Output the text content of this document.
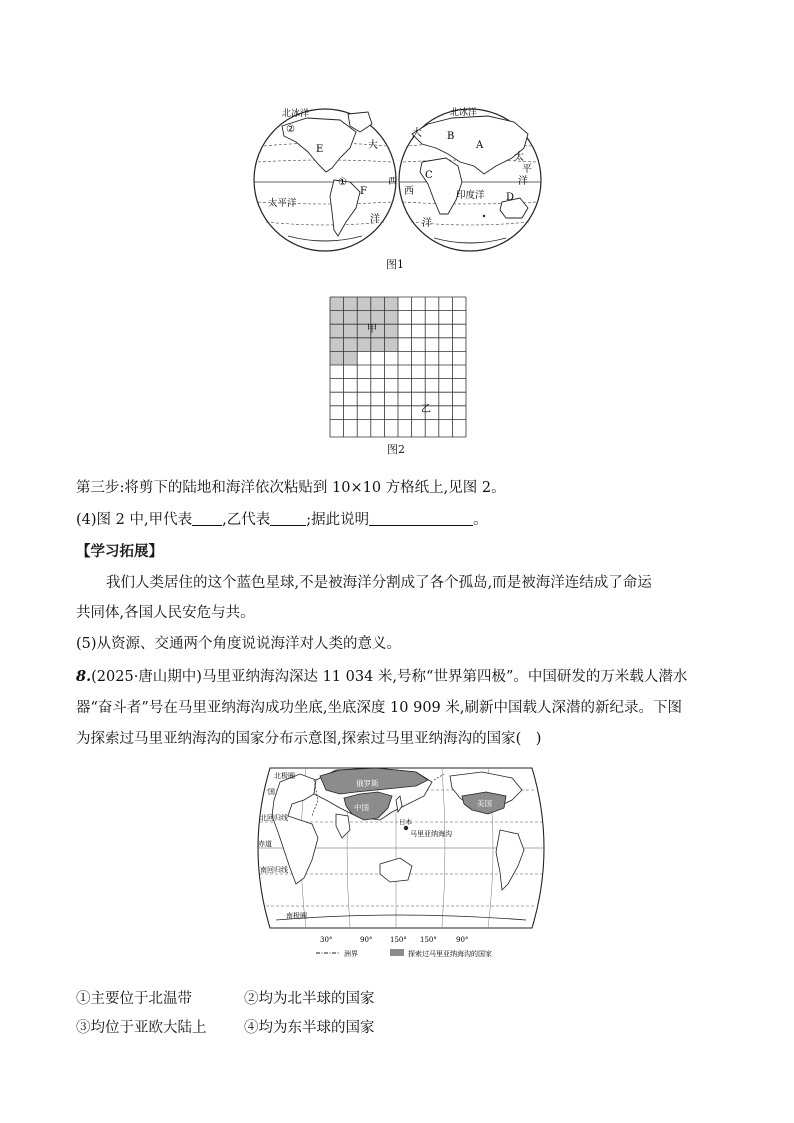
北冰洋	北冰洋
②
①
E
F
A
B
C
D
太平洋
大
洋
西
西
洋
印度洋
大
太
平
洋
图1
甲
乙
图2
第三步:将剪下的陆地和海洋依次粘贴到 10×10 方格纸上,见图 2。
(4)图 2 中,甲代表 ,乙代表 ;据此说明	。
【学习拓展】
我们人类居住的这个蓝色星球,不是被海洋分割成了各个孤岛,而是被海洋连结成了命运
共同体,各国人民安危与共。
(5)从资源、交通两个角度说说海洋对人类的意义。
8.(2025·唐山期中)马里亚纳海沟深达 11 034 米,号称“世界第四极”。中国研发的万米载人潜水
器“奋斗者”号在马里亚纳海沟成功坐底,坐底深度 10 909 米,刷新中国载人深潜的新纪录。下图
为探索过马里亚纳海沟的国家分布示意图,探索过马里亚纳海沟的国家(　)
北极圈
国
俄罗斯
中国
日本
美国
马里亚纳海沟
北回归线
赤道
南回归线
南极圈
30°	90°	150° 150°	90°
洲界	探索过马里亚纳海沟的国家
①主要位于北温带	②均为北半球的国家
③均位于亚欧大陆上	④均为东半球的国家
